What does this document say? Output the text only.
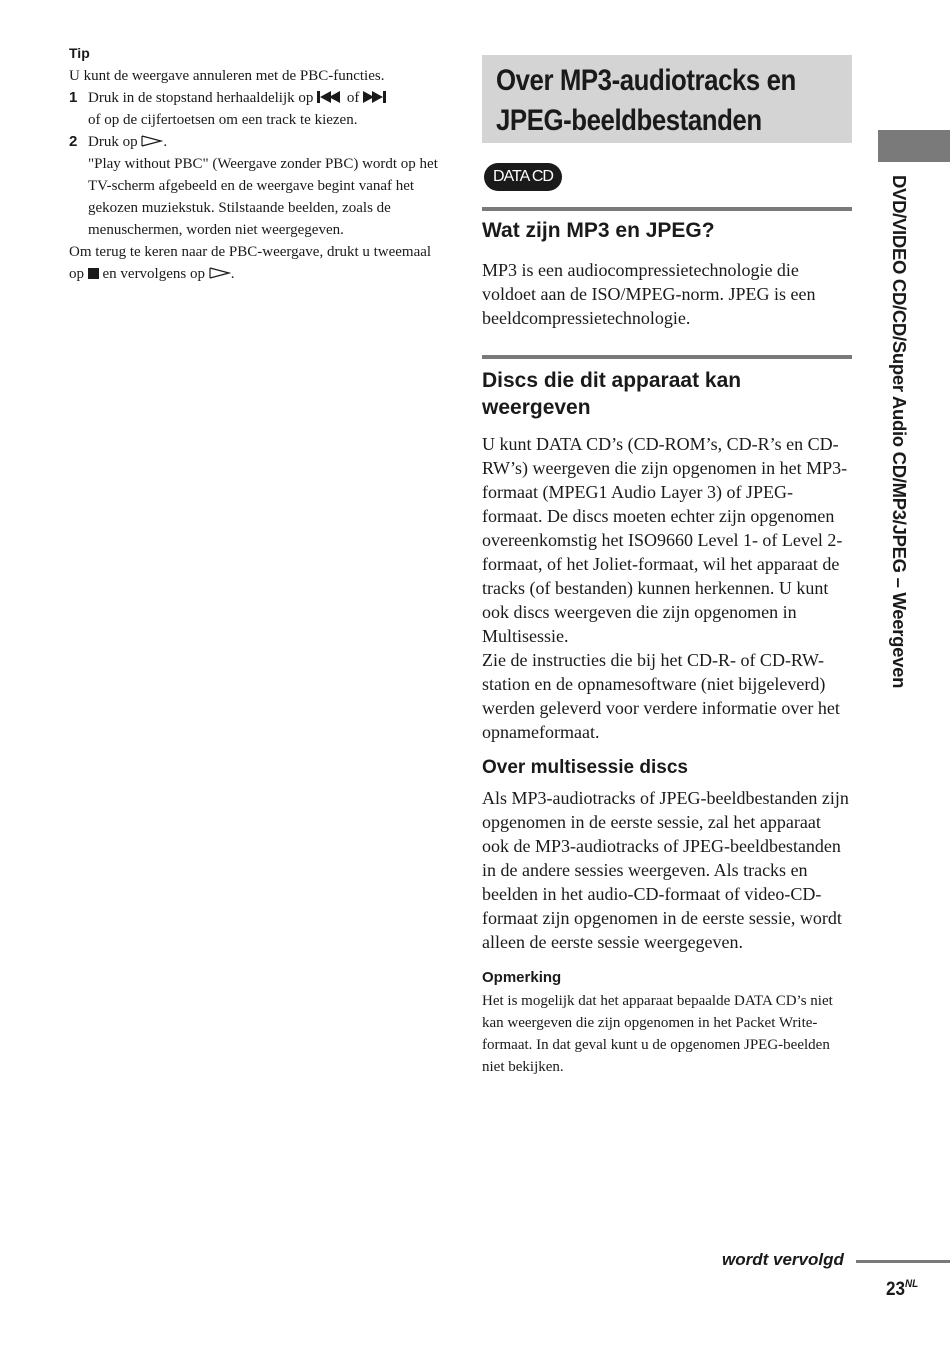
Tip

U kunt de weergave annuleren met de PBC-functies.

1 Druk in de stopstand herhaaldelijk op  of
of op de cijfertoetsen om een track te kiezen.
2 Druk op .

"Play without PBC" (Weergave zonder PBC) wordt op het TV-scherm afgebeeld en de weergave begint vanaf het gekozen muziekstuk. Stilstaande beelden, zoals de menuschermen, worden niet weergegeven.

Om terug te keren naar de PBC-weergave, drukt u tweemaal op  en vervolgens op .

Over MP3-audiotracks en JPEG-beeldbestanden
DATA CD
Wat zijn MP3 en JPEG?

MP3 is een audiocompressietechnologie die voldoet aan de ISO/MPEG-norm. JPEG is een beeldcompressietechnologie.

Discs die dit apparaat kan weergeven

U kunt DATA CD’s (CD-ROM’s, CD-R’s en CD-RW’s) weergeven die zijn opgenomen in het MP3-formaat (MPEG1 Audio Layer 3) of JPEG-formaat. De discs moeten echter zijn opgenomen overeenkomstig het ISO9660 Level 1- of Level 2-formaat, of het Joliet-formaat, wil het apparaat de tracks (of bestanden) kunnen herkennen. U kunt ook discs weergeven die zijn opgenomen in Multisessie.

Zie de instructies die bij het CD-R- of CD-RW-station en de opnamesoftware (niet bijgeleverd) werden geleverd voor verdere informatie over het opnameformaat.

Over multisessie discs

Als MP3-audiotracks of JPEG-beeldbestanden zijn opgenomen in de eerste sessie, zal het apparaat ook de MP3-audiotracks of JPEG-beeldbestanden in de andere sessies weergeven. Als tracks en beelden in het audio-CD-formaat of video-CD-formaat zijn opgenomen in de eerste sessie, wordt alleen de eerste sessie weergegeven.

Opmerking

Het is mogelijk dat het apparaat bepaalde DATA CD’s niet kan weergeven die zijn opgenomen in het Packet Write-formaat. In dat geval kunt u de opgenomen JPEG-beelden niet bekijken.

DVD/VIDEO CD/CD/Super Audio CD/MP3/JPEG – Weergeven
wordt vervolgd
$23^{NL}$
